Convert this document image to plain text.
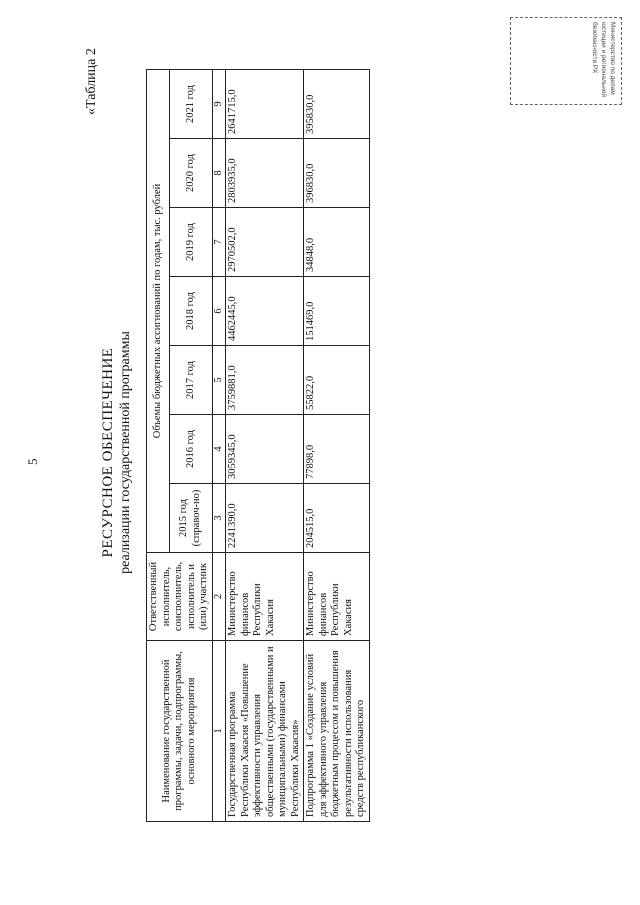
5
«Таблица 2
РЕСУРСНОЕ ОБЕСПЕЧЕНИЕ реализации государственной программы
Министерство по делам
юстиции и региональной
безопасности РХ
Наименование государственной программы, задачи, подпрограммы, основного мероприятия	Ответственный исполнитель, соисполнитель, исполнитель и (или) участник	Объемы бюджетных ассигнований по годам, тыс. рублей						
		2015 год (справоч-но)	2016 год	2017 год	2018 год	2019 год	2020 год	2021 год
1	2	3	4	5	6	7	8	9
Государственная программа Республики Хакасия «Повышение эффективности управления общественными (государственными и муниципальными) финансами Республики Хакасия»	Министерство финансов Республики Хакасия	2241390,0	3059345,0	3759881,0	4462445,0	2970502,0	2803935,0	2641715,0
Подпрограмма 1 «Создание условий для эффективного управления бюджетным процессом и повышения результативности использования средств республиканского	Министерство финансов Республики Хакасия	204515,0	77898,0	55822,0	151469,0	34848,0	396830,0	395830,0
